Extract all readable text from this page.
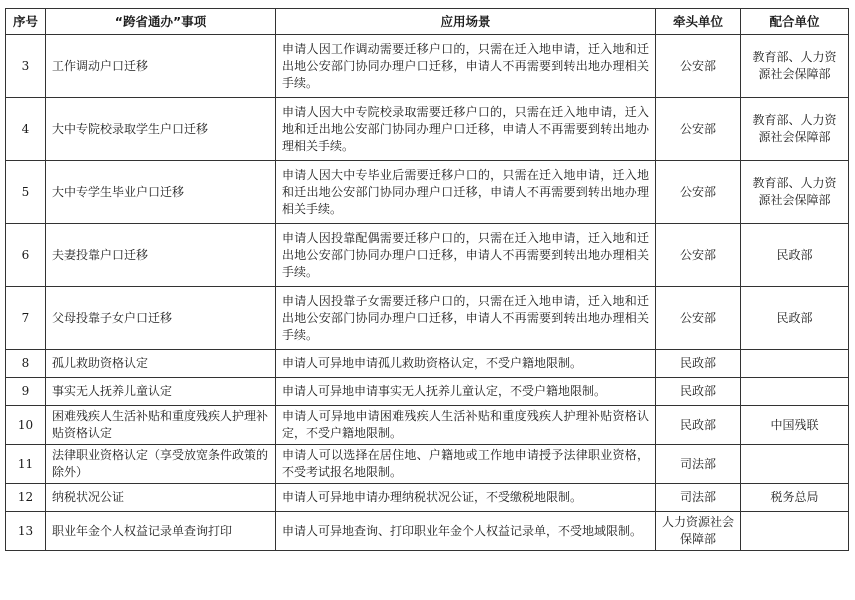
序号	“跨省通办”事项	应用场景	牵头单位	配合单位
3	工作调动户口迁移	申请人因工作调动需要迁移户口的，只需在迁入地申请，迁入地和迁出地公安部门协同办理户口迁移，申请人不再需要到转出地办理相关手续。	公安部	教育部、人力资源社会保障部
4	大中专院校录取学生户口迁移	申请人因大中专院校录取需要迁移户口的，只需在迁入地申请，迁入地和迁出地公安部门协同办理户口迁移，申请人不再需要到转出地办理相关手续。	公安部	教育部、人力资源社会保障部
5	大中专学生毕业户口迁移	申请人因大中专毕业后需要迁移户口的，只需在迁入地申请，迁入地和迁出地公安部门协同办理户口迁移，申请人不再需要到转出地办理相关手续。	公安部	教育部、人力资源社会保障部
6	夫妻投靠户口迁移	申请人因投靠配偶需要迁移户口的，只需在迁入地申请，迁入地和迁出地公安部门协同办理户口迁移，申请人不再需要到转出地办理相关手续。	公安部	民政部
7	父母投靠子女户口迁移	申请人因投靠子女需要迁移户口的，只需在迁入地申请，迁入地和迁出地公安部门协同办理户口迁移，申请人不再需要到转出地办理相关手续。	公安部	民政部
8	孤儿救助资格认定	申请人可异地申请孤儿救助资格认定，不受户籍地限制。	民政部	
9	事实无人抚养儿童认定	申请人可异地申请事实无人抚养儿童认定，不受户籍地限制。	民政部	
10	困难残疾人生活补贴和重度残疾人护理补贴资格认定	申请人可异地申请困难残疾人生活补贴和重度残疾人护理补贴资格认定，不受户籍地限制。	民政部	中国残联
11	法律职业资格认定（享受放宽条件政策的除外）	申请人可以选择在居住地、户籍地或工作地申请授予法律职业资格，不受考试报名地限制。	司法部	
12	纳税状况公证	申请人可异地申请办理纳税状况公证，不受缴税地限制。	司法部	税务总局
13	职业年金个人权益记录单查询打印	申请人可异地查询、打印职业年金个人权益记录单，不受地域限制。	人力资源社会保障部	
